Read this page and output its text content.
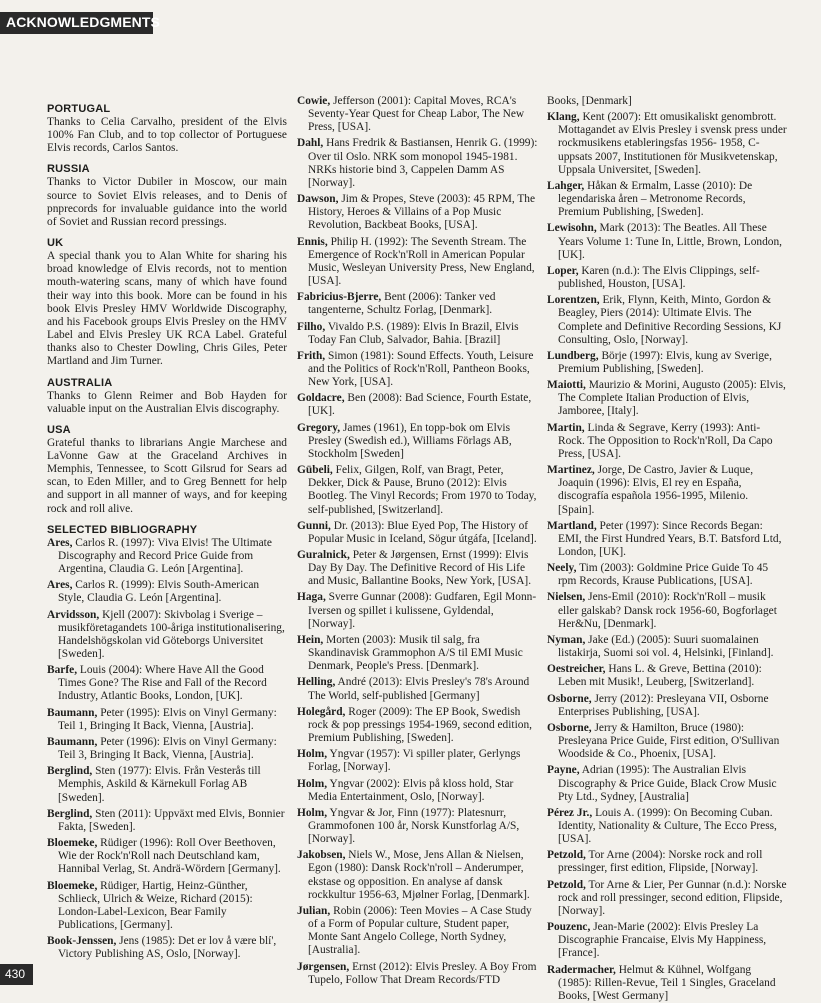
ACKNOWLEDGMENTS
PORTUGAL
Thanks to Celia Carvalho, president of the Elvis 100% Fan Club, and to top collector of Portuguese Elvis records, Carlos Santos.
RUSSIA
Thanks to Victor Dubiler in Moscow, our main source to Soviet Elvis releases, and to Denis of pnprecords for invaluable guidance into the world of Soviet and Russian record pressings.
UK
A special thank you to Alan White for sharing his broad knowledge of Elvis records, not to mention mouth-watering scans, many of which have found their way into this book. More can be found in his book Elvis Presley HMV Worldwide Discography, and his Facebook groups Elvis Presley on the HMV Label and Elvis Presley UK RCA Label. Grateful thanks also to Chester Dowling, Chris Giles, Peter Martland and Jim Turner.
AUSTRALIA
Thanks to Glenn Reimer and Bob Hayden for valuable input on the Australian Elvis discography.
USA
Grateful thanks to librarians Angie Marchese and LaVonne Gaw at the Graceland Archives in Memphis, Tennessee, to Scott Gilsrud for Sears ad scan, to Eden Miller, and to Greg Bennett for help and support in all manner of ways, and for keeping rock and roll alive.
SELECTED BIBLIOGRAPHY
Ares, Carlos R. (1997): Viva Elvis! The Ultimate Discography and Record Price Guide from Argentina, Claudia G. León [Argentina].
Ares, Carlos R. (1999): Elvis South-American Style, Claudia G. León [Argentina].
Arvidsson, Kjell (2007): Skivbolag i Sverige – musikföretagandets 100-åriga institutionalisering, Handelshögskolan vid Göteborgs Universitet [Sweden].
Barfe, Louis (2004): Where Have All the Good Times Gone? The Rise and Fall of the Record Industry, Atlantic Books, London, [UK].
Baumann, Peter (1995): Elvis on Vinyl Germany: Teil 1, Bringing It Back, Vienna, [Austria].
Baumann, Peter (1996): Elvis on Vinyl Germany: Teil 3, Bringing It Back, Vienna, [Austria].
Berglind, Sten (1977): Elvis. Från Vesterås till Memphis, Askild & Kärnekull Forlag AB [Sweden].
Berglind, Sten (2011): Uppväxt med Elvis, Bonnier Fakta, [Sweden].
Bloemeke, Rüdiger (1996): Roll Over Beethoven, Wie der Rock'n'Roll nach Deutschland kam, Hannibal Verlag, St. Andrä-Wördern [Germany].
Bloemeke, Rüdiger, Hartig, Heinz-Günther, Schlieck, Ulrich & Weize, Richard (2015): London-Label-Lexicon, Bear Family Publications, [Germany].
Book-Jenssen, Jens (1985): Det er lov å være blí', Victory Publishing AS, Oslo, [Norway].
Cowie, Jefferson (2001): Capital Moves, RCA's Seventy-Year Quest for Cheap Labor, The New Press, [USA].
Dahl, Hans Fredrik & Bastiansen, Henrik G. (1999): Over til Oslo. NRK som monopol 1945-1981. NRKs historie bind 3, Cappelen Damm AS [Norway].
Dawson, Jim & Propes, Steve (2003): 45 RPM, The History, Heroes & Villains of a Pop Music Revolution, Backbeat Books, [USA].
Ennis, Philip H. (1992): The Seventh Stream. The Emergence of Rock'n'Roll in American Popular Music, Wesleyan University Press, New England, [USA].
Fabricius-Bjerre, Bent (2006): Tanker ved tangenterne, Schultz Forlag, [Denmark].
Filho, Vivaldo P.S. (1989): Elvis In Brazil, Elvis Today Fan Club, Salvador, Bahia. [Brazil]
Frith, Simon (1981): Sound Effects. Youth, Leisure and the Politics of Rock'n'Roll, Pantheon Books, New York, [USA].
Goldacre, Ben (2008): Bad Science, Fourth Estate, [UK].
Gregory, James (1961), En topp-bok om Elvis Presley (Swedish ed.), Williams Förlags AB, Stockholm [Sweden]
Gübeli, Felix, Gilgen, Rolf, van Bragt, Peter, Dekker, Dick & Pause, Bruno (2012): Elvis Bootleg. The Vinyl Records; From 1970 to Today, self-published, [Switzerland].
Gunni, Dr. (2013): Blue Eyed Pop, The History of Popular Music in Iceland, Sögur útgáfa, [Iceland].
Guralnick, Peter & Jørgensen, Ernst (1999): Elvis Day By Day. The Definitive Record of His Life and Music, Ballantine Books, New York, [USA].
Haga, Sverre Gunnar (2008): Gudfaren, Egil Monn-Iversen og spillet i kulissene, Gyldendal, [Norway].
Hein, Morten (2003): Musik til salg, fra Skandinavisk Grammophon A/S til EMI Music Denmark, People's Press. [Denmark].
Helling, André (2013): Elvis Presley's 78's Around The World, self-published [Germany]
Holegård, Roger (2009): The EP Book, Swedish rock & pop pressings 1954-1969, second edition, Premium Publishing, [Sweden].
Holm, Yngvar (1957): Vi spiller plater, Gerlyngs Forlag, [Norway].
Holm, Yngvar (2002): Elvis på kloss hold, Star Media Entertainment, Oslo, [Norway].
Holm, Yngvar & Jor, Finn (1977): Platesnurr, Grammofonen 100 år, Norsk Kunstforlag A/S, [Norway].
Jakobsen, Niels W., Mose, Jens Allan & Nielsen, Egon (1980): Dansk Rock'n'roll – Anderumper, ekstase og opposition. En analyse af dansk rockkultur 1956-63, Mjølner Forlag, [Denmark].
Julian, Robin (2006): Teen Movies – A Case Study of a Form of Popular culture, Student paper, Monte Sant Angelo College, North Sydney, [Australia].
Jørgensen, Ernst (2012): Elvis Presley. A Boy From Tupelo, Follow That Dream Records/FTD
Books, [Denmark]
Klang, Kent (2007): Ett omusikaliskt genombrott. Mottagandet av Elvis Presley i svensk press under rockmusikens etableringsfas 1956- 1958, C-uppsats 2007, Institutionen för Musikvetenskap, Uppsala Universitet, [Sweden].
Lahger, Håkan & Ermalm, Lasse (2010): De legendariska åren – Metronome Records, Premium Publishing, [Sweden].
Lewisohn, Mark (2013): The Beatles. All These Years Volume 1: Tune In, Little, Brown, London, [UK].
Loper, Karen (n.d.): The Elvis Clippings, self-published, Houston, [USA].
Lorentzen, Erik, Flynn, Keith, Minto, Gordon & Beagley, Piers (2014): Ultimate Elvis. The Complete and Definitive Recording Sessions, KJ Consulting, Oslo, [Norway].
Lundberg, Börje (1997): Elvis, kung av Sverige, Premium Publishing, [Sweden].
Maiotti, Maurizio & Morini, Augusto (2005): Elvis, The Complete Italian Production of Elvis, Jamboree, [Italy].
Martin, Linda & Segrave, Kerry (1993): Anti-Rock. The Opposition to Rock'n'Roll, Da Capo Press, [USA].
Martinez, Jorge, De Castro, Javier & Luque, Joaquin (1996): Elvis, El rey en España, discografía española 1956-1995, Milenio. [Spain].
Martland, Peter (1997): Since Records Began: EMI, the First Hundred Years, B.T. Batsford Ltd, London, [UK].
Neely, Tim (2003): Goldmine Price Guide To 45 rpm Records, Krause Publications, [USA].
Nielsen, Jens-Emil (2010): Rock'n'Roll – musik eller galskab? Dansk rock 1956-60, Bogforlaget Her&Nu, [Denmark].
Nyman, Jake (Ed.) (2005): Suuri suomalainen listakirja, Suomi soi vol. 4, Helsinki, [Finland].
Oestreicher, Hans L. & Greve, Bettina (2010): Leben mit Musik!, Leuberg, [Switzerland].
Osborne, Jerry (2012): Presleyana VII, Osborne Enterprises Publishing, [USA].
Osborne, Jerry & Hamilton, Bruce (1980): Presleyana Price Guide, First edition, O'Sullivan Woodside & Co., Phoenix, [USA].
Payne, Adrian (1995): The Australian Elvis Discography & Price Guide, Black Crow Music Pty Ltd., Sydney, [Australia]
Pérez Jr., Louis A. (1999): On Becoming Cuban. Identity, Nationality & Culture, The Ecco Press, [USA].
Petzold, Tor Arne (2004): Norske rock and roll pressinger, first edition, Flipside, [Norway].
Petzold, Tor Arne & Lier, Per Gunnar (n.d.): Norske rock and roll pressinger, second edition, Flipside, [Norway].
Pouzenc, Jean-Marie (2002): Elvis Presley La Discographie Francaise, Elvis My Happiness, [France].
Radermacher, Helmut & Kühnel, Wolfgang (1985): Rillen-Revue, Teil 1 Singles, Graceland Books, [West Germany]
430
